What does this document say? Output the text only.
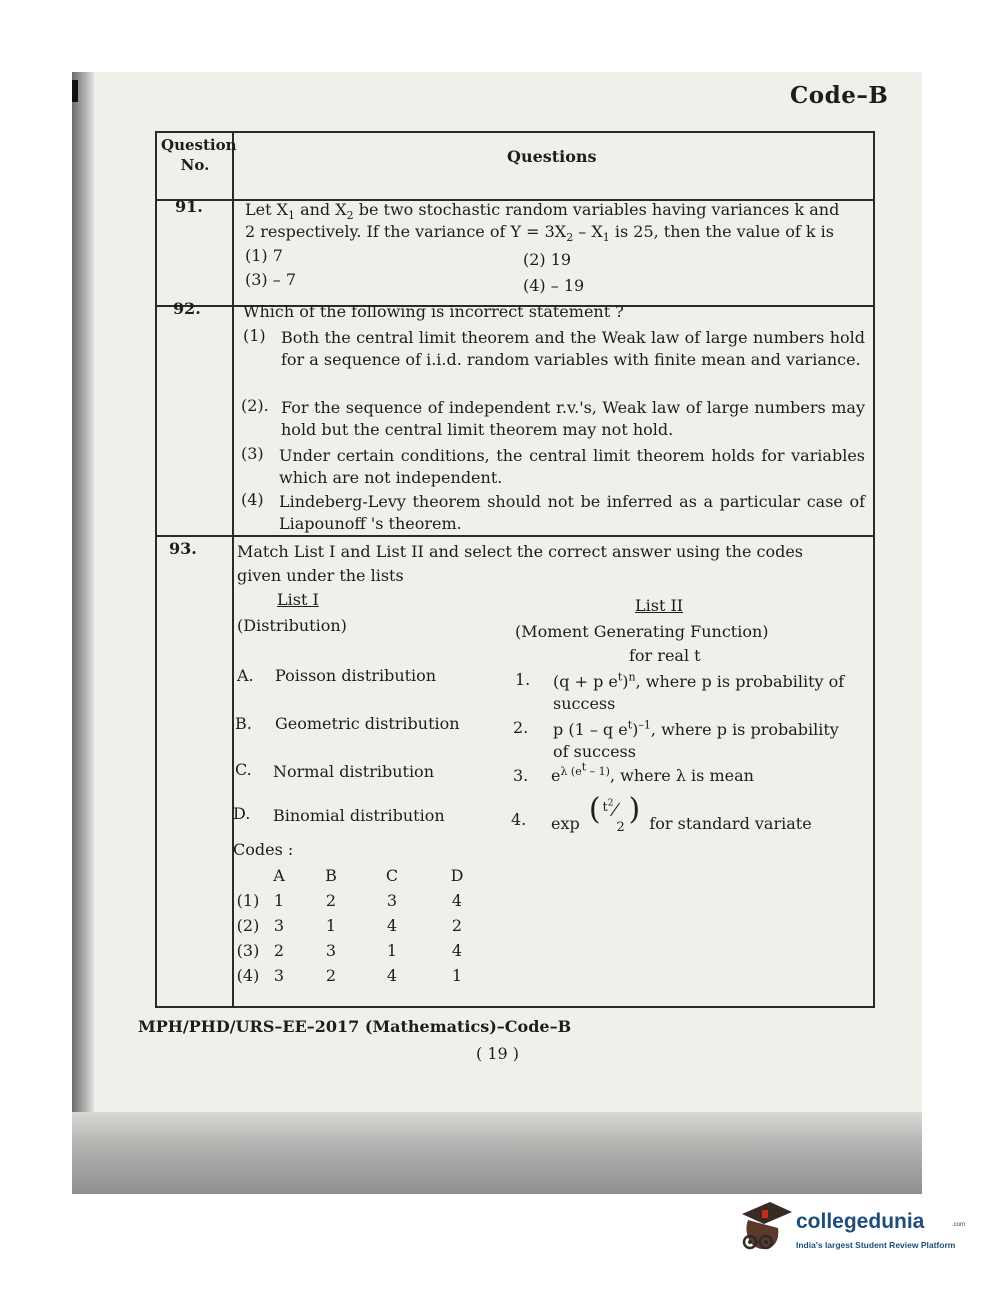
Code–B
Question
No.	Questions
91.	Let $X_1$ and $X_2$ be two stochastic random variables having variances k and
2 respectively. If the variance of $Y = 3X_2 - X_1$ is 25, then the value of k is
(1) 7	(2) 19
(3) – 7	(4) – 19
92.	Which of the following is incorrect statement ?
(1) Both the central limit theorem and the Weak law of large numbers hold for a sequence of i.i.d. random variables with finite mean and variance.
(2). For the sequence of independent r.v.'s, Weak law of large numbers may hold but the central limit theorem may not hold.
(3) Under certain conditions, the central limit theorem holds for variables which are not independent.
(4) Lindeberg-Levy theorem should not be inferred as a particular case of Liapounoff 's theorem.
93.	Match List I and List II and select the correct answer using the codes
given under the lists
List I
(Distribution)
List II
(Moment Generating Function)
for real t
A. Poisson distribution
B. Geometric distribution
C. Normal distribution
D. Binomial distribution
1. (q + p $e^t)^n$, where p is probability of
success
2. p (1 – q $e^t)^{-1}$, where p is probability
of success
3. $e^{\lambda (e^t - 1)}$, where λ is mean
4. exp ( $t^2$
2
) for standard variate
Codes :
	A	B	C	D
(1)	1	2	3	4
(2)	3	1	4	2
(3)	2	3	1	4
(4)	3	2	4	1
MPH/PHD/URS–EE–2017 (Mathematics)–Code–B
( 19 )
collegedunia	.com
India's largest Student Review Platform
